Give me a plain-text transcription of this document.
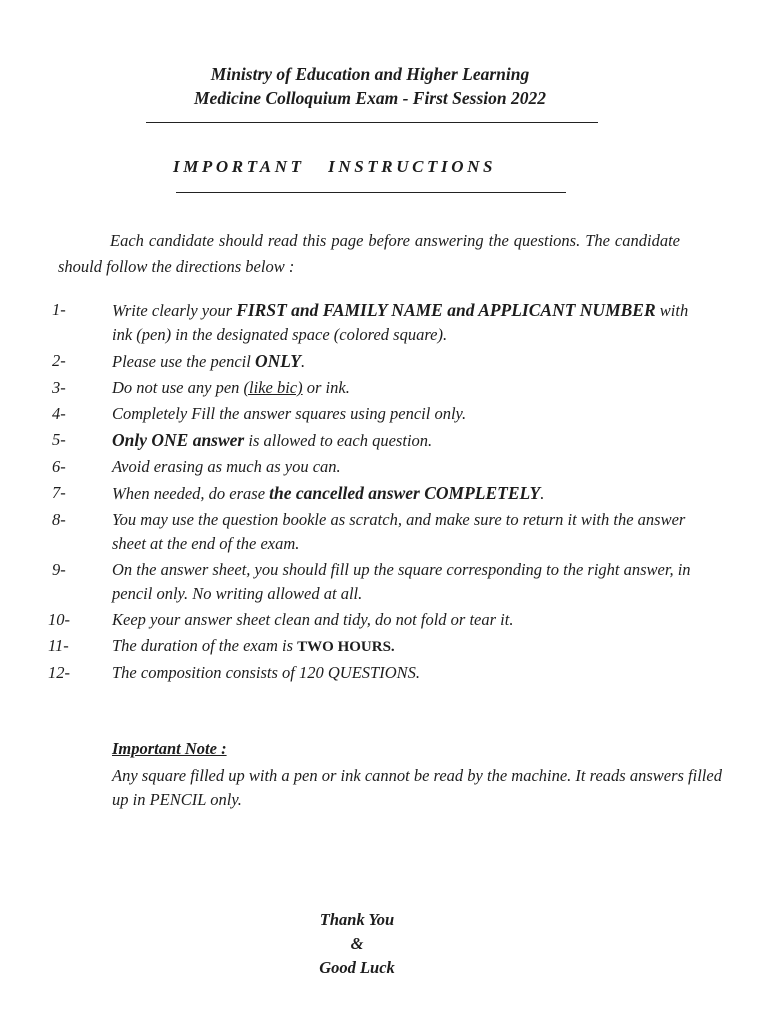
Ministry of Education and Higher Learning
Medicine Colloquium Exam - First Session 2022
IMPORTANT   INSTRUCTIONS
Each candidate should read this page before answering the questions. The candidate should follow the directions below :
1-	Write clearly your FIRST and FAMILY NAME and APPLICANT NUMBER with ink (pen) in the designated space (colored square).
2-	Please use the pencil ONLY.
3-	Do not use any pen (like bic) or ink.
4-	Completely Fill the answer squares using pencil only.
5-	Only ONE answer is allowed to each question.
6-	Avoid erasing as much as you can.
7-	When needed, do erase the cancelled answer COMPLETELY.
8-	You may use the question bookle as scratch, and make sure to return it with the answer sheet at the end of the exam.
9-	On the answer sheet, you should fill up the square corresponding to the right answer, in pencil only. No writing allowed at all.
10-	Keep your answer sheet clean and tidy, do not fold or tear it.
11-	The duration of the exam is TWO HOURS.
12-	The composition consists of 120 QUESTIONS.
Important Note :
Any square filled up with a pen or ink cannot be read by the machine. It reads answers filled up in PENCIL only.
Thank You
&
Good Luck
